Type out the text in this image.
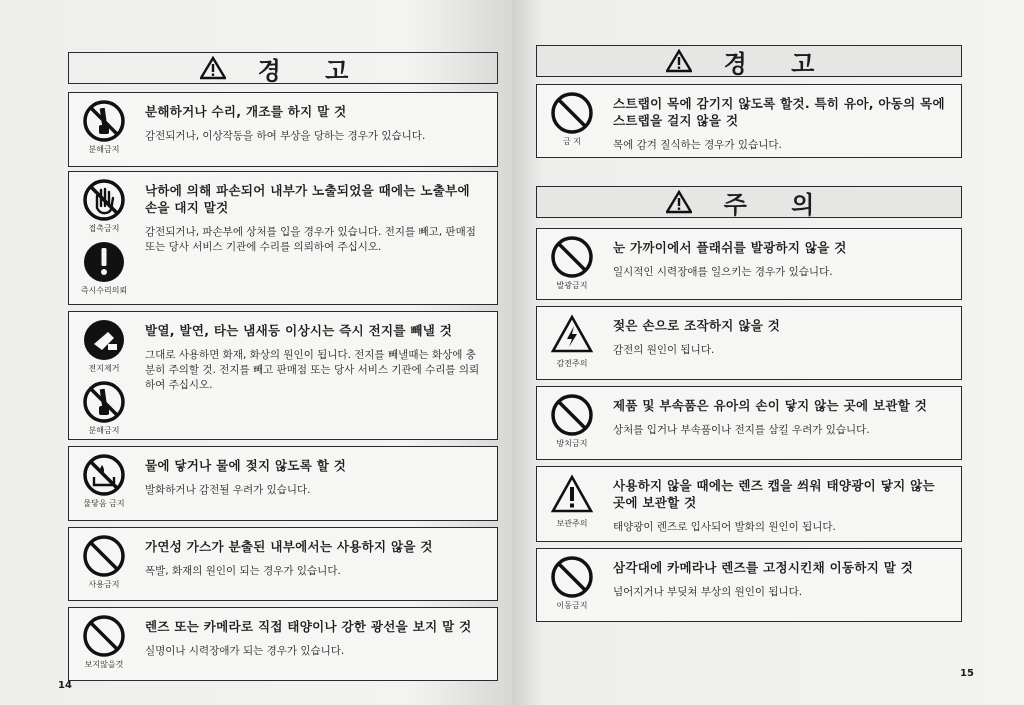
경 고
분해금지
분해하거나 수리, 개조를 하지 말 것
감전되거나, 이상작동을 하여 부상을 당하는 경우가 있습니다.
접촉금지
즉시수리의뢰
낙하에 의해 파손되어 내부가 노출되었을 때에는 노출부에 손을 대지 말것
감전되거나, 파손부에 상처를 입을 경우가 있습니다. 전지를 빼고, 판매점 또는 당사 서비스 기관에 수리를 의뢰하여 주십시오.
전지제거
분해금지
발열, 발연, 타는 냄새등 이상시는 즉시 전지를 빼낼 것
그대로 사용하면 화재, 화상의 원인이 됩니다. 전지를 빼낼때는 화상에 충분히 주의할 것. 전지를 빼고 판매점 또는 당사 서비스 기관에 수리를 의뢰하여 주십시오.
물닿음 금지
물에 닿거나 물에 젖지 않도록 할 것
발화하거나 감전될 우려가 있습니다.
사용금지
가연성 가스가 분출된 내부에서는 사용하지 않을 것
폭발, 화재의 원인이 되는 경우가 있습니다.
보지않을것
렌즈 또는 카메라로 직접 태양이나 강한 광선을 보지 말 것
실명이나 시력장애가 되는 경우가 있습니다.
14
경 고
금 지
스트랩이 목에 감기지 않도록 할것. 특히 유아, 아동의 목에 스트랩을 걸지 않을 것
목에 감겨 질식하는 경우가 있습니다.
주 의
발광금지
눈 가까이에서 플래쉬를 발광하지 않을 것
일시적인 시력장애를 일으키는 경우가 있습니다.
감전주의
젖은 손으로 조작하지 않을 것
감전의 원인이 됩니다.
방치금지
제품 및 부속품은 유아의 손이 닿지 않는 곳에 보관할 것
상처를 입거나 부속품이나 전지를 삼킬 우려가 있습니다.
보관주의
사용하지 않을 때에는 렌즈 캡을 씌워 태양광이 닿지 않는 곳에 보관할 것
태양광이 렌즈로 입사되어 발화의 원인이 됩니다.
이동금지
삼각대에 카메라나 렌즈를 고정시킨채 이동하지 말 것
넘어지거나 부딪쳐 부상의 원인이 됩니다.
15
